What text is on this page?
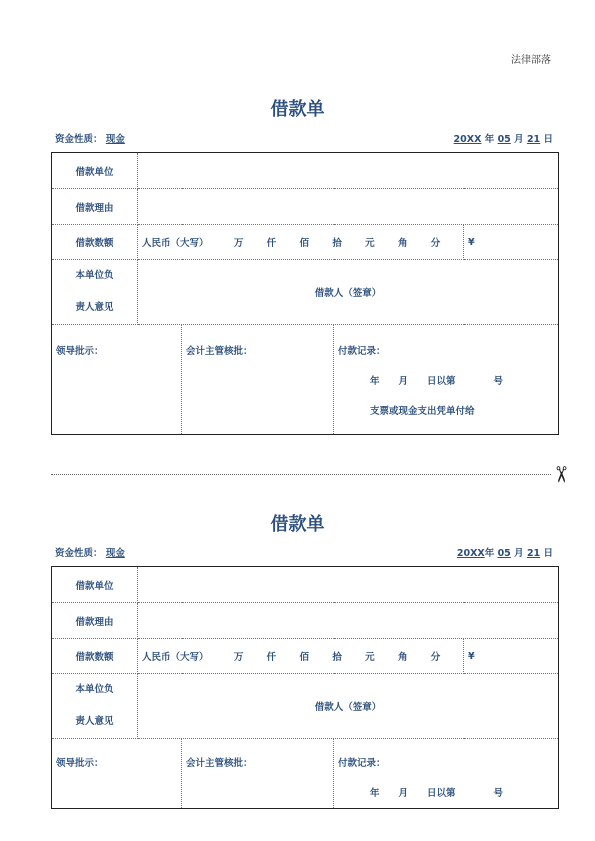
法律部落
借款单
资金性质： 现金	20XX 年 05 月 21 日
借款单位				
借款理由				
借款数额	人民币（大写） 万 仟 佰 拾 元 角 分			¥
本单位负
责人意见	借款人（签章）			
领导批示：		会计主管核批：	付款记录：
年　　月　　日以第　　　　号
支票或现金支出凭单付给	
✂
借款单
资金性质： 现金	20XX年 05 月 21 日
借款单位				
借款理由				
借款数额	人民币（大写） 万 仟 佰 拾 元 角 分			¥
本单位负
责人意见	借款人（签章）			
领导批示：		会计主管核批：	付款记录：
年　　月　　日以第　　　　号	
